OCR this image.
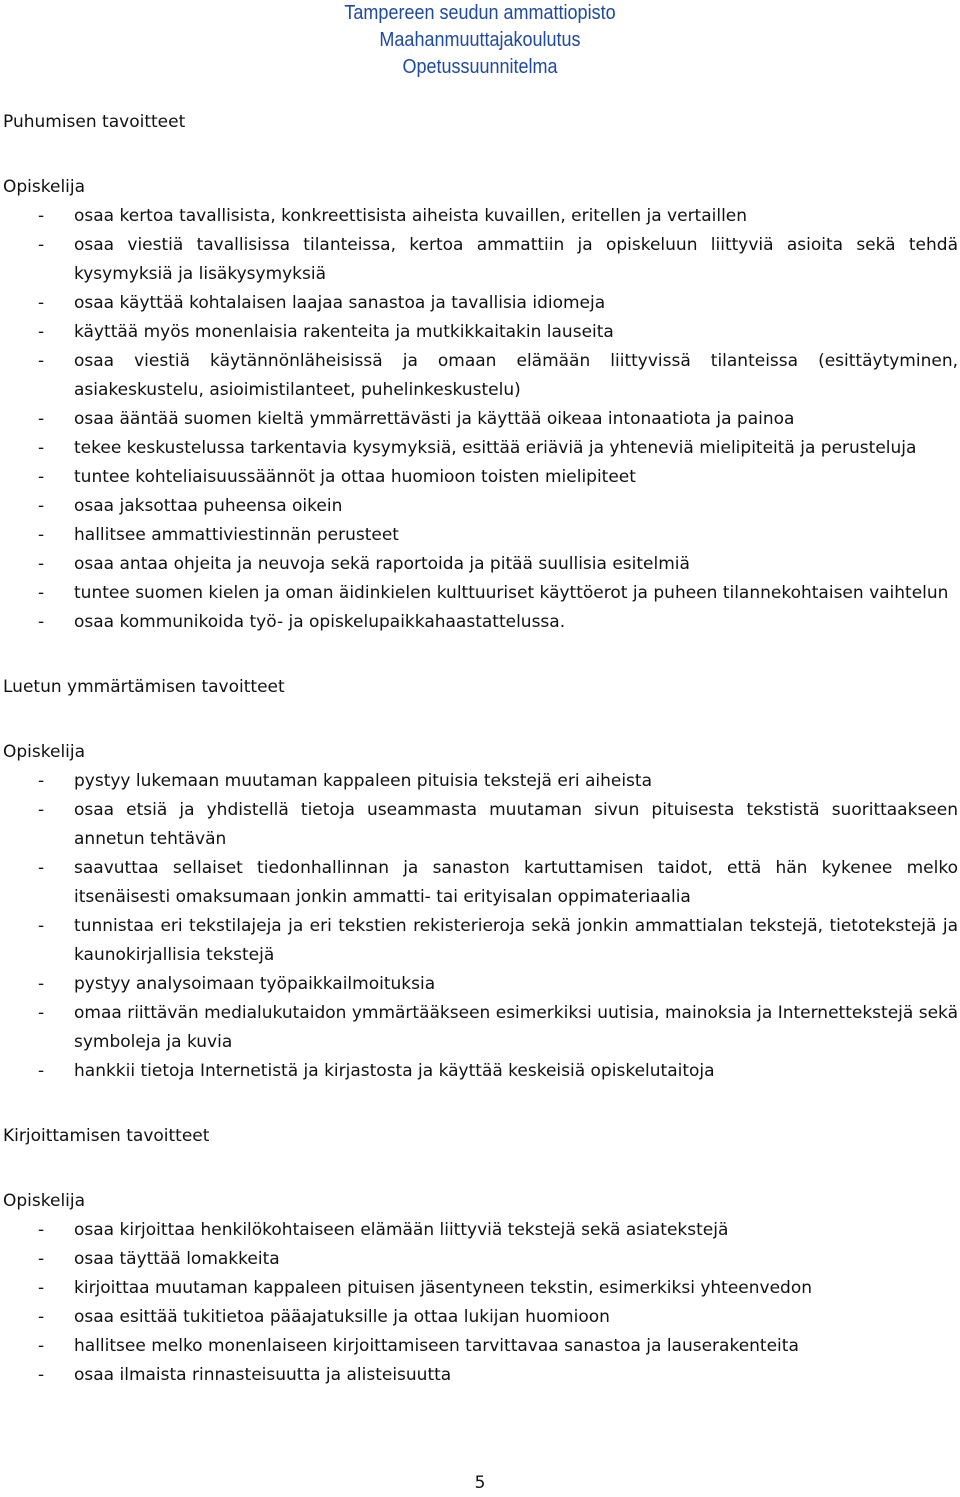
Tampereen seudun ammattiopisto
Maahanmuuttajakoulutus
Opetussuunnitelma
Puhumisen tavoitteet
Opiskelija
- osaa kertoa tavallisista, konkreettisista aiheista kuvaillen, eritellen ja vertaillen
- osaa viestiä tavallisissa tilanteissa, kertoa ammattiin ja opiskeluun liittyviä asioita sekä tehdä kysymyksiä ja lisäkysymyksiä
- osaa käyttää kohtalaisen laajaa sanastoa ja tavallisia idiomeja
- käyttää myös monenlaisia rakenteita ja mutkikkaitakin lauseita
- osaa viestiä käytännönläheisissä ja omaan elämään liittyvissä tilanteissa (esittäytyminen, asiakeskustelu, asioimistilanteet, puhelinkeskustelu)
- osaa ääntää suomen kieltä ymmärrettävästi ja käyttää oikeaa intonaatiota ja painoa
- tekee keskustelussa tarkentavia kysymyksiä, esittää eriäviä ja yhteneviä mielipiteitä ja perusteluja
- tuntee kohteliaisuussäännöt ja ottaa huomioon toisten mielipiteet
- osaa jaksottaa puheensa oikein
- hallitsee ammattiviestinnän perusteet
- osaa antaa ohjeita ja neuvoja sekä raportoida ja pitää suullisia esitelmiä
- tuntee suomen kielen ja oman äidinkielen kulttuuriset käyttöerot ja puheen tilannekohtaisen vaihtelun
- osaa kommunikoida työ- ja opiskelupaikkahaastattelussa.
Luetun ymmärtämisen tavoitteet
Opiskelija
- pystyy lukemaan muutaman kappaleen pituisia tekstejä eri aiheista
- osaa etsiä ja yhdistellä tietoja useammasta muutaman sivun pituisesta tekstistä suorittaakseen annetun tehtävän
- saavuttaa sellaiset tiedonhallinnan ja sanaston kartuttamisen taidot, että hän kykenee melko itsenäisesti omaksumaan jonkin ammatti- tai erityisalan oppimateriaalia
- tunnistaa eri tekstilajeja ja eri tekstien rekisterieroja sekä jonkin ammattialan tekstejä, tietotekstejä ja kaunokirjallisia tekstejä
- pystyy analysoimaan työpaikkailmoituksia
- omaa riittävän medialukutaidon ymmärtääkseen esimerkiksi uutisia, mainoksia ja Internettekstejä sekä symboleja ja kuvia
- hankkii tietoja Internetistä ja kirjastosta ja käyttää keskeisiä opiskelutaitoja
Kirjoittamisen tavoitteet
Opiskelija
- osaa kirjoittaa henkilökohtaiseen elämään liittyviä tekstejä sekä asiatekstejä
- osaa täyttää lomakkeita
- kirjoittaa muutaman kappaleen pituisen jäsentyneen tekstin, esimerkiksi yhteenvedon
- osaa esittää tukitietoa pääajatuksille ja ottaa lukijan huomioon
- hallitsee melko monenlaiseen kirjoittamiseen tarvittavaa sanastoa ja lauserakenteita
- osaa ilmaista rinnasteisuutta ja alisteisuutta
5
